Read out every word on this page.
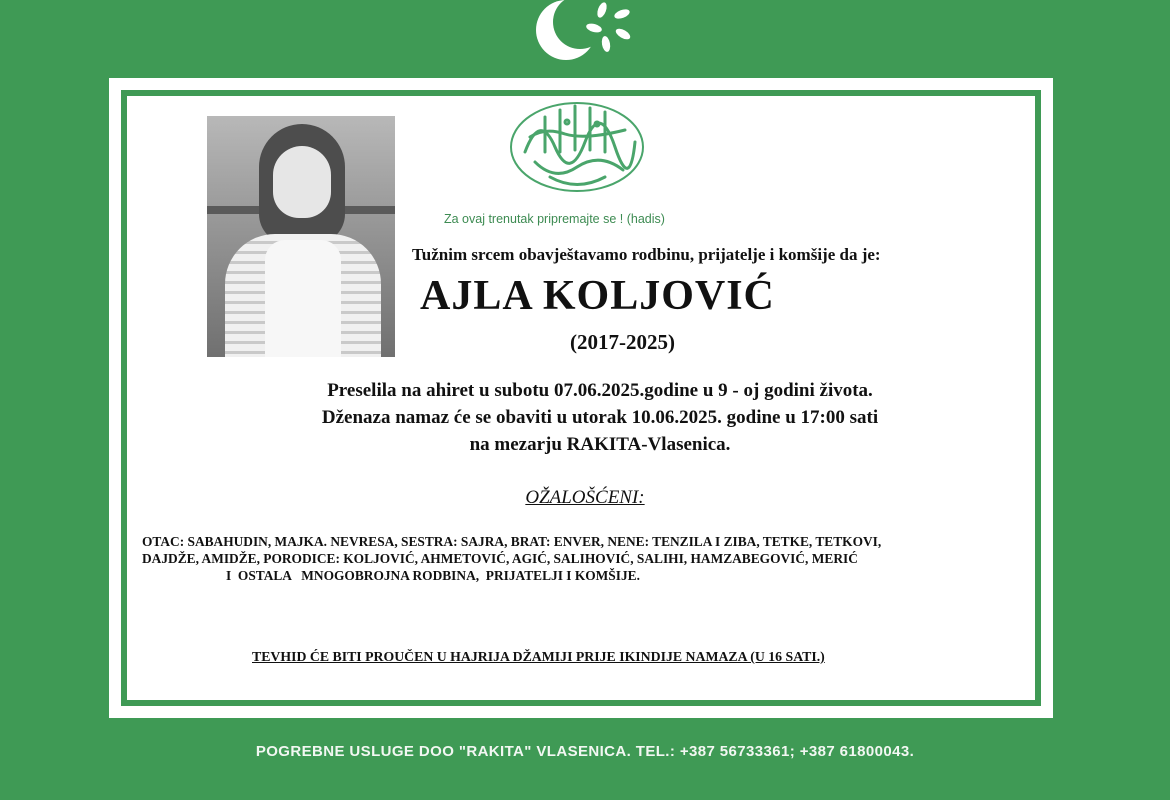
Za ovaj trenutak pripremajte se ! (hadis)

Tužnim srcem obavještavamo rodbinu, prijatelje i komšije da je:

AJLA KOLJOVIĆ

(2017-2025)

Preselila na ahiret u subotu 07.06.2025.godine u 9 - oj godini života.

Dženaza namaz će se obaviti u utorak 10.06.2025. godine u 17:00 sati

na mezarju RAKITA-Vlasenica.

OŽALOŠĆENI:

OTAC: SABAHUDIN, MAJKA. NEVRESA, SESTRA: SAJRA, BRAT: ENVER, NENE: TENZILA I ZIBA, TETKE, TETKOVI,
DAJDŽE, AMIDŽE, PORODICE: KOLJOVIĆ, AHMETOVIĆ, AGIĆ, SALIHOVIĆ, SALIHI, HAMZABEGOVIĆ, MERIĆ
I  OSTALA   MNOGOBROJNA RODBINA,  PRIJATELJI I KOMŠIJE.

TEVHID ĆE BITI PROUČEN U HAJRIJA DŽAMIJI PRIJE IKINDIJE NAMAZA (U 16 SATI.)

POGREBNE USLUGE DOO "RAKITA" VLASENICA. TEL.: +387 56733361; +387 61800043.
